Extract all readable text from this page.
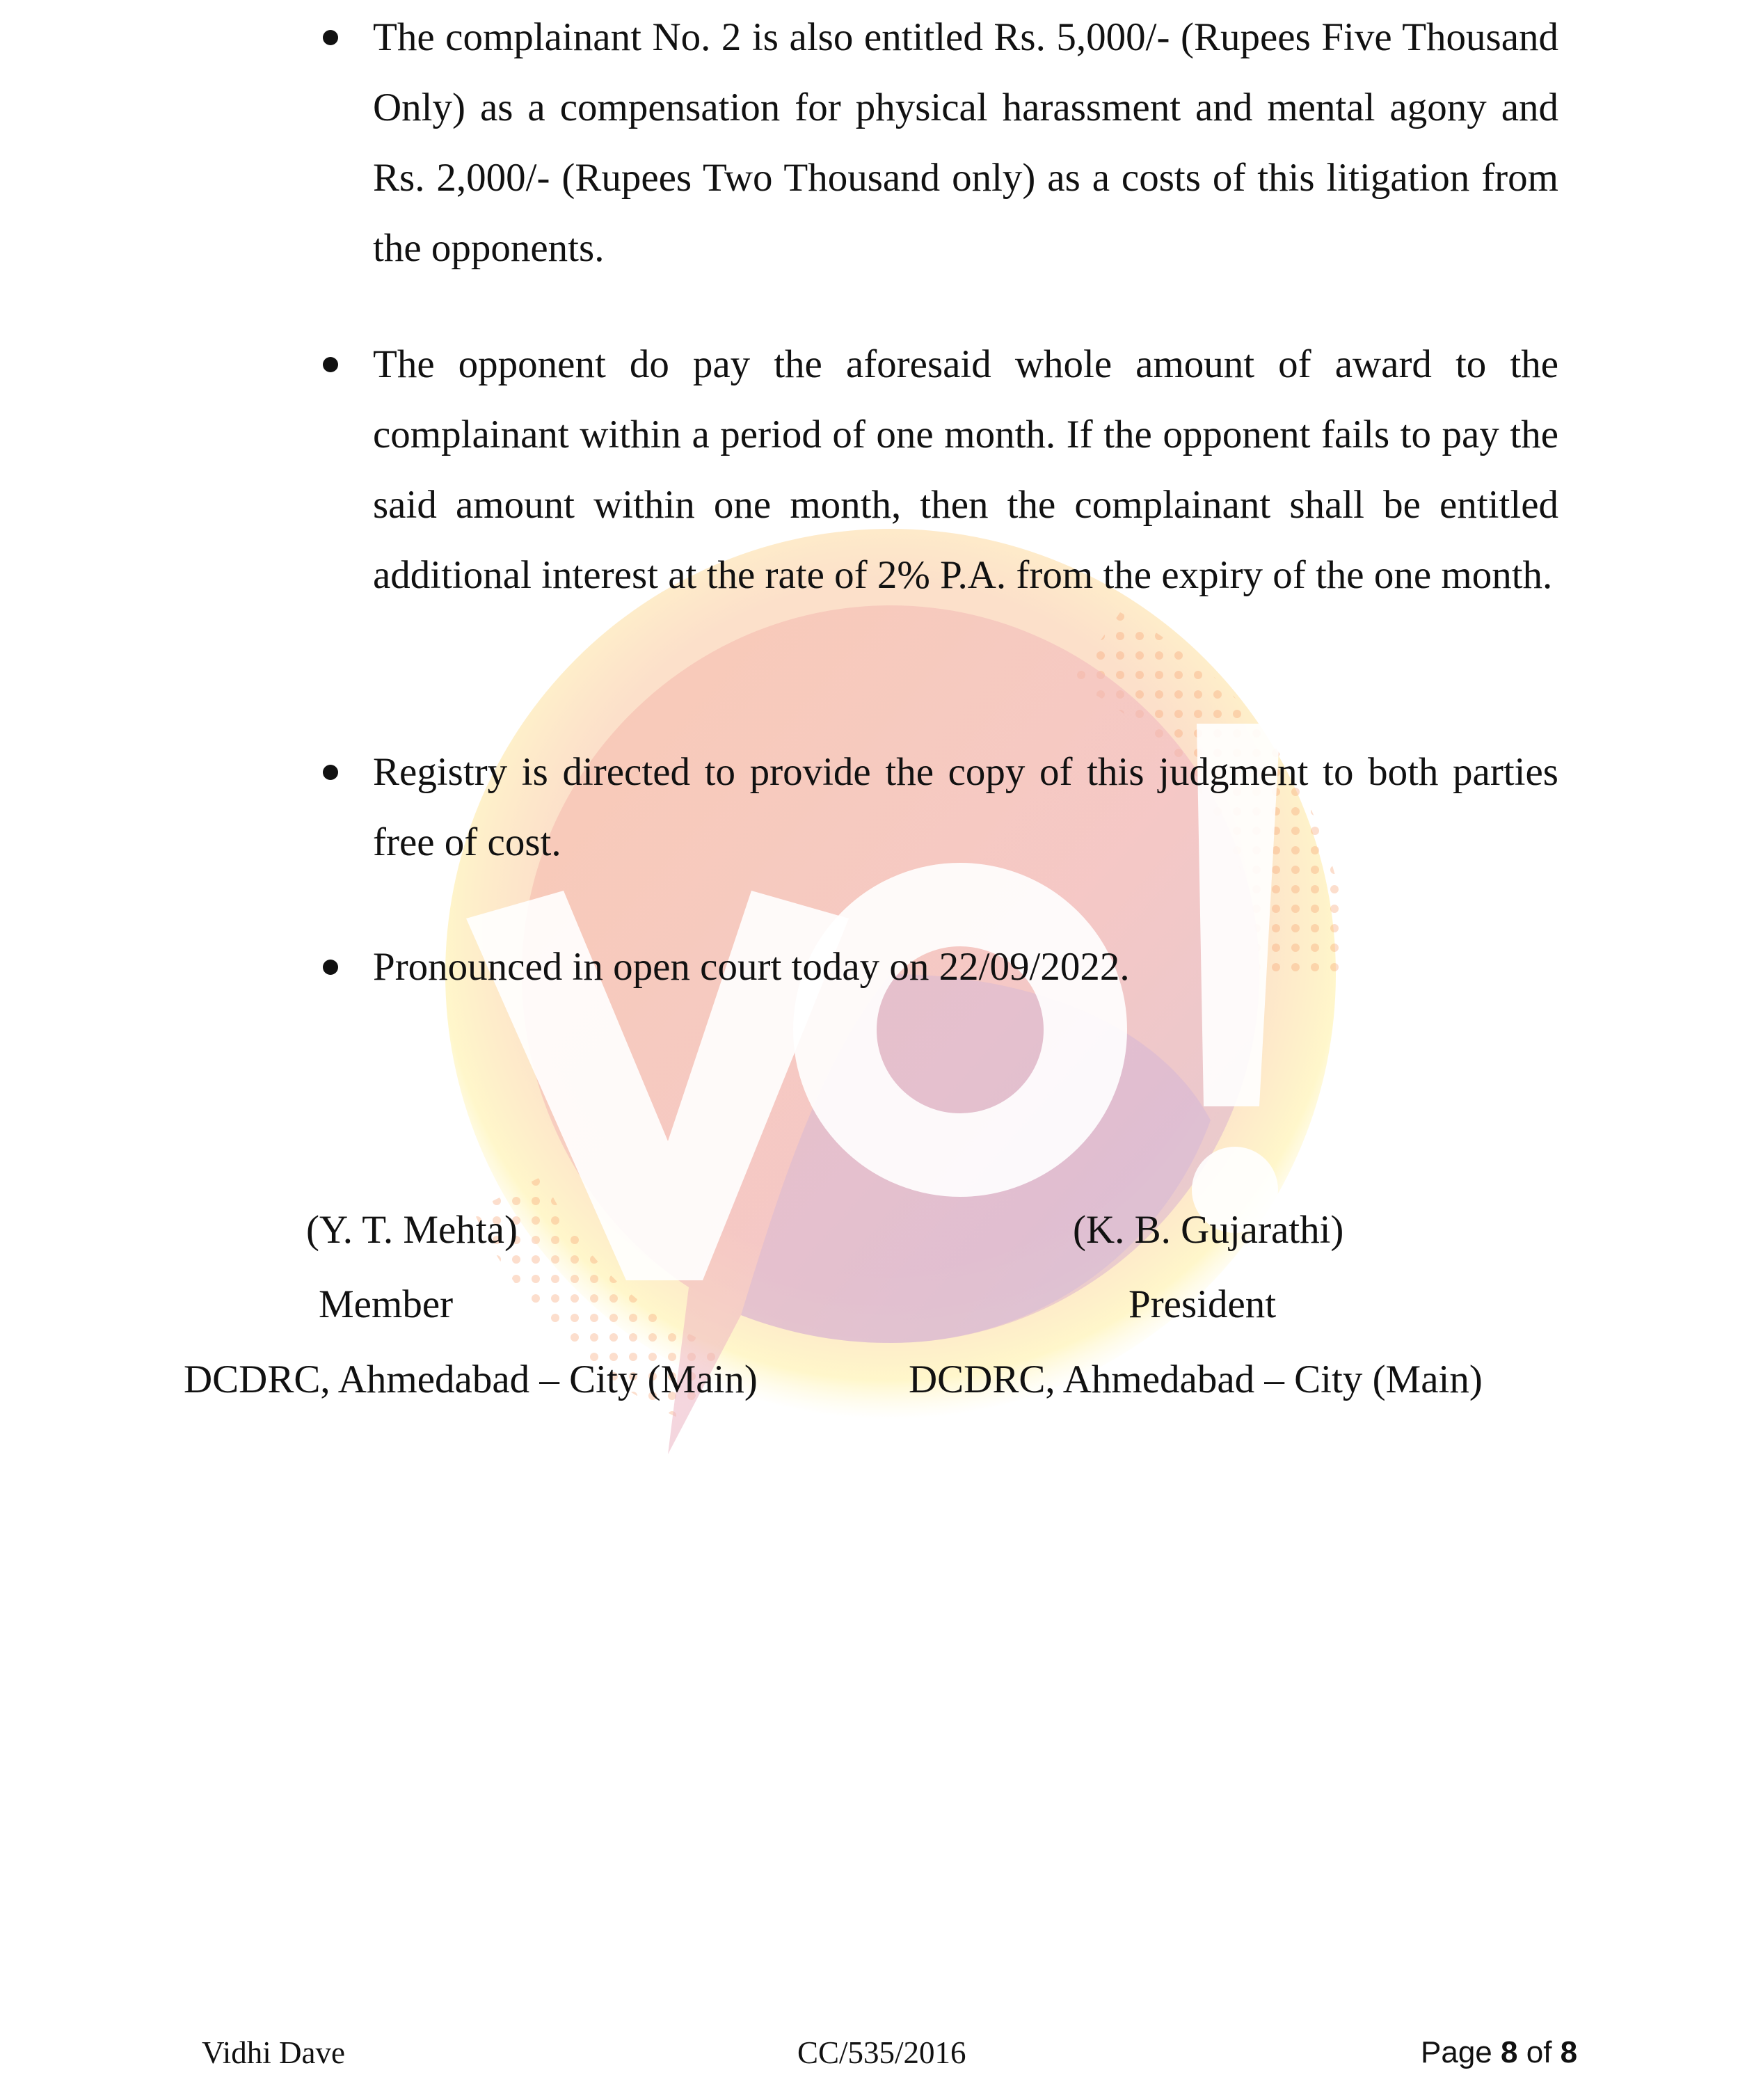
The complainant No. 2 is also entitled Rs. 5,000/- (Rupees Five Thousand Only) as a compensation for physical harassment and mental agony and Rs. 2,000/- (Rupees Two Thousand only) as a costs of this litigation from the opponents.
The opponent do pay the aforesaid whole amount of award to the complainant within a period of one month. If the opponent fails to pay the said amount within one month, then the complainant shall be entitled additional interest at the rate of 2% P.A. from the expiry of the one month.
Registry is directed to provide the copy of this judgment to both parties free of cost.
Pronounced in open court today on 22/09/2022.
(Y. T. Mehta)
Member
DCDRC, Ahmedabad – City (Main)
(K. B. Gujarathi)
President
DCDRC, Ahmedabad – City (Main)
Vidhi Dave	CC/535/2016	Page 8 of 8
